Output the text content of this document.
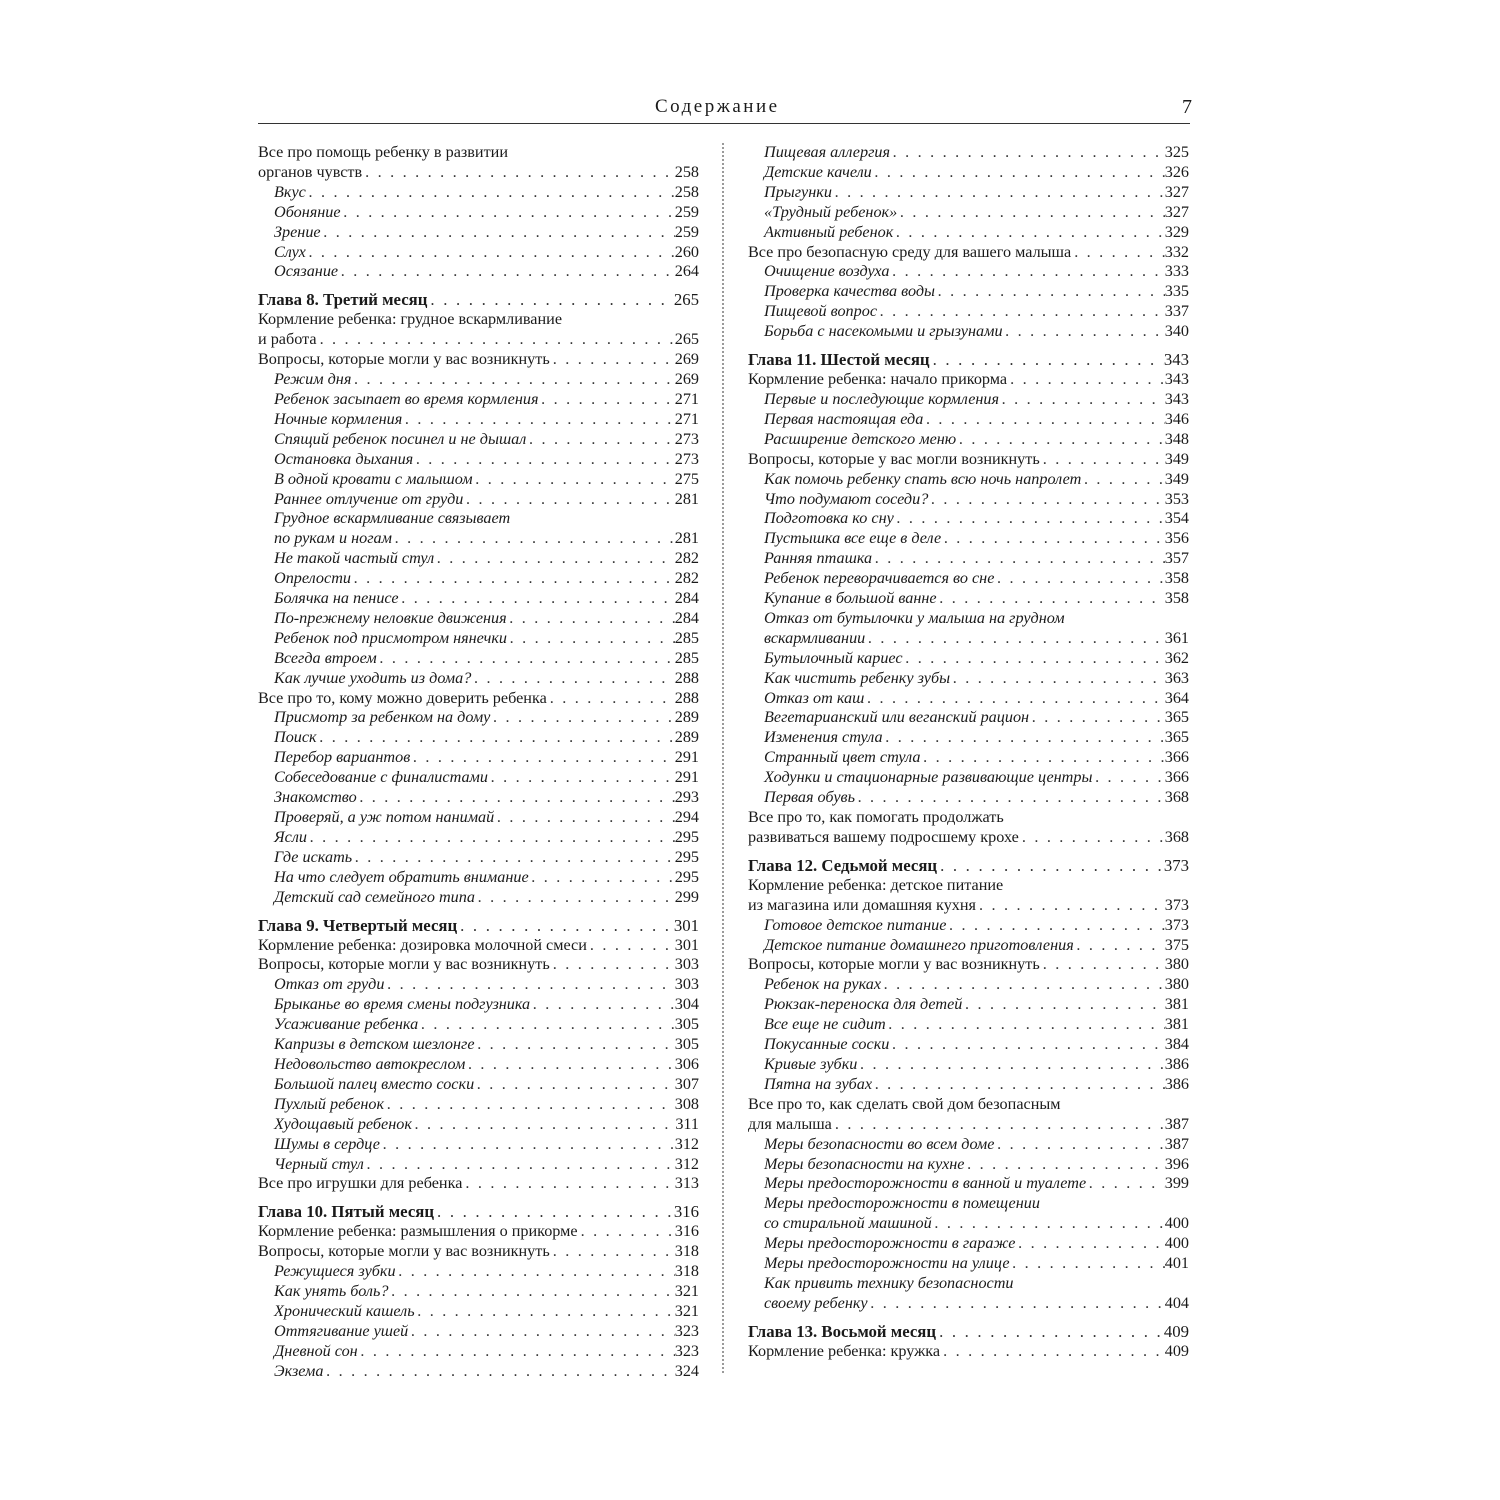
Содержание	7
Все про помощь ребенку в развитии
органов чувств . . .	258
Вкус . . .	258
Обоняние . . .	259
Зрение . . .	259
Слух . . .	260
Осязание . . .	264
Глава 8. Третий месяц . . .	265
Кормление ребенка: грудное вскармливание
и работа . . .	265
Вопросы, которые могли у вас возникнуть . . .	269
Режим дня . . .	269
Ребенок засыпает во время кормления . . .	271
Ночные кормления . . .	271
Спящий ребенок посинел и не дышал . . .	273
Остановка дыхания . . .	273
В одной кровати с малышом . . .	275
Раннее отлучение от груди . . .	281
Грудное вскармливание связывает
по рукам и ногам . . .	281
Не такой частый стул . . .	282
Опрелости . . .	282
Болячка на пенисе . . .	284
По-прежнему неловкие движения . . .	284
Ребенок под присмотром нянечки . . .	285
Всегда втроем . . .	285
Как лучше уходить из дома? . . .	288
Все про то, кому можно доверить ребенка . . .	288
Присмотр за ребенком на дому . . .	289
Поиск . . .	289
Перебор вариантов . . .	291
Собеседование с финалистами . . .	291
Знакомство . . .	293
Проверяй, а уж потом нанимай . . .	294
Ясли . . .	295
Где искать . . .	295
На что следует обратить внимание . . .	295
Детский сад семейного типа . . .	299
Глава 9. Четвертый месяц . . .	301
Кормление ребенка: дозировка молочной смеси . . .	301
Вопросы, которые могли у вас возникнуть . . .	303
Отказ от груди . . .	303
Брыканье во время смены подгузника . . .	304
Усаживание ребенка . . .	305
Капризы в детском шезлонге . . .	305
Недовольство автокреслом . . .	306
Большой палец вместо соски . . .	307
Пухлый ребенок . . .	308
Худощавый ребенок . . .	311
Шумы в сердце . . .	312
Черный стул . . .	312
Все про игрушки для ребенка . . .	313
Глава 10. Пятый месяц . . .	316
Кормление ребенка: размышления о прикорме . . .	316
Вопросы, которые могли у вас возникнуть . . .	318
Режущиеся зубки . . .	318
Как унять боль? . . .	321
Хронический кашель . . .	321
Оттягивание ушей . . .	323
Дневной сон . . .	323
Экзема . . .	324
Пищевая аллергия . . .	325
Детские качели . . .	326
Прыгунки . . .	327
«Трудный ребенок» . . .	327
Активный ребенок . . .	329
Все про безопасную среду для вашего малыша . . .	332
Очищение воздуха . . .	333
Проверка качества воды . . .	335
Пищевой вопрос . . .	337
Борьба с насекомыми и грызунами . . .	340
Глава 11. Шестой месяц . . .	343
Кормление ребенка: начало прикорма . . .	343
Первые и последующие кормления . . .	343
Первая настоящая еда . . .	346
Расширение детского меню . . .	348
Вопросы, которые у вас могли возникнуть . . .	349
Как помочь ребенку спать всю ночь напролет . . .	349
Что подумают соседи? . . .	353
Подготовка ко сну . . .	354
Пустышка все еще в деле . . .	356
Ранняя пташка . . .	357
Ребенок переворачивается во сне . . .	358
Купание в большой ванне . . .	358
Отказ от бутылочки у малыша на грудном
вскармливании . . .	361
Бутылочный кариес . . .	362
Как чистить ребенку зубы . . .	363
Отказ от каш . . .	364
Вегетарианский или веганский рацион . . .	365
Изменения стула . . .	365
Странный цвет стула . . .	366
Ходунки и стационарные развивающие центры . . .	366
Первая обувь . . .	368
Все про то, как помогать продолжать
развиваться вашему подросшему крохе . . .	368
Глава 12. Седьмой месяц . . .	373
Кормление ребенка: детское питание
из магазина или домашняя кухня . . .	373
Готовое детское питание . . .	373
Детское питание домашнего приготовления . . .	375
Вопросы, которые могли у вас возникнуть . . .	380
Ребенок на руках . . .	380
Рюкзак-переноска для детей . . .	381
Все еще не сидит . . .	381
Покусанные соски . . .	384
Кривые зубки . . .	386
Пятна на зубах . . .	386
Все про то, как сделать свой дом безопасным
для малыша . . .	387
Меры безопасности во всем доме . . .	387
Меры безопасности на кухне . . .	396
Меры предосторожности в ванной и туалете . . .	399
Меры предосторожности в помещении
со стиральной машиной . . .	400
Меры предосторожности в гараже . . .	400
Меры предосторожности на улице . . .	401
Как привить технику безопасности
своему ребенку . . .	404
Глава 13. Восьмой месяц . . .	409
Кормление ребенка: кружка . . .	409
